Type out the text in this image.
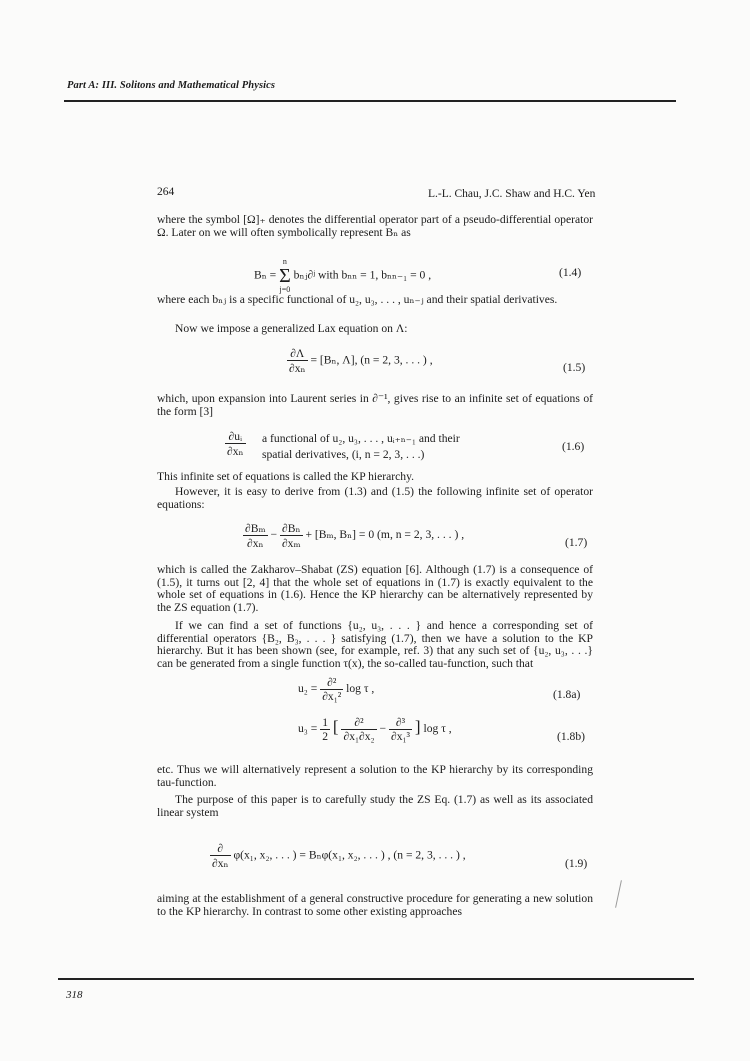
Part A: III. Solitons and Mathematical Physics
264	L.-L. Chau, J.C. Shaw and H.C. Yen
where the symbol [Ω]₊ denotes the differential operator part of a pseudo-differential operator Ω. Later on we will often symbolically represent Bₙ as
Bₙ =
n
Σ
j=0
bₙⱼ∂ʲ with bₙₙ = 1, bₙₙ₋₁ = 0 ,	(1.4)
where each bₙⱼ is a specific functional of u₂, u₃, . . . , uₙ₋ⱼ and their spatial derivatives.
Now we impose a generalized Lax equation on Λ:
$\frac{\partial\Lambda}{\text{∂xₙ}} = [B_n$, Λ], (n = 2, 3, . . . ) ,
(1.5)
which, upon expansion into Laurent series in ∂⁻¹, gives rise to an infinite set of equations of the form [3]
$\frac{\text{∂uᵢ}}{\text{∂xₙ}}$ a functional of u₂, u₃, . . . , uᵢ₊ₙ₋₁ and their
spatial derivatives, (i, n = 2, 3, . . .)
(1.6)
This infinite set of equations is called the KP hierarchy.
However, it is easy to derive from (1.3) and (1.5) the following infinite set of operator equations:
$\frac{\text{∂Bₘ}}{\text{∂xₙ}} - \frac{\text{∂Bₙ}}{\text{∂xₘ}} + [B_m$, Bₙ] = 0 (m, n = 2, 3, . . . ) ,
(1.7)
which is called the Zakharov–Shabat (ZS) equation [6]. Although (1.7) is a consequence of (1.5), it turns out [2, 4] that the whole set of equations in (1.7) is exactly equivalent to the whole set of equations in (1.6). Hence the KP hierarchy can be alternatively represented by the ZS equation (1.7).
If we can find a set of functions {u₂, u₃, . . . } and hence a corresponding set of differential operators {B₂, B₃, . . . } satisfying (1.7), then we have a solution to the KP hierarchy. But it has been shown (see, for example, ref. 3) that any such set of {u₂, u₃, . . .} can be generated from a single function τ(x), the so-called tau-function, such that
$u_2 = \frac{\text{∂²}}{\text{∂x₁²}}$ log τ ,	(1.8a)
$u_3 = \frac{1}{2}$ [ $\frac{\text{∂²}}{\text{∂x₁∂x₂}} - \frac{\text{∂³}}{\text{∂x₁³}}$ ] log τ ,
(1.8b)
etc. Thus we will alternatively represent a solution to the KP hierarchy by its corresponding tau-function.
The purpose of this paper is to carefully study the ZS Eq. (1.7) as well as its associated linear system
$\frac{\partial}{\text{∂xₙ}} \varphi(x_1$, x₂, . . . ) = Bₙφ(x₁, x₂, . . . ) , (n = 2, 3, . . . ) ,
(1.9)
aiming at the establishment of a general constructive procedure for generating a new solution to the KP hierarchy. In contrast to some other existing approaches
318
